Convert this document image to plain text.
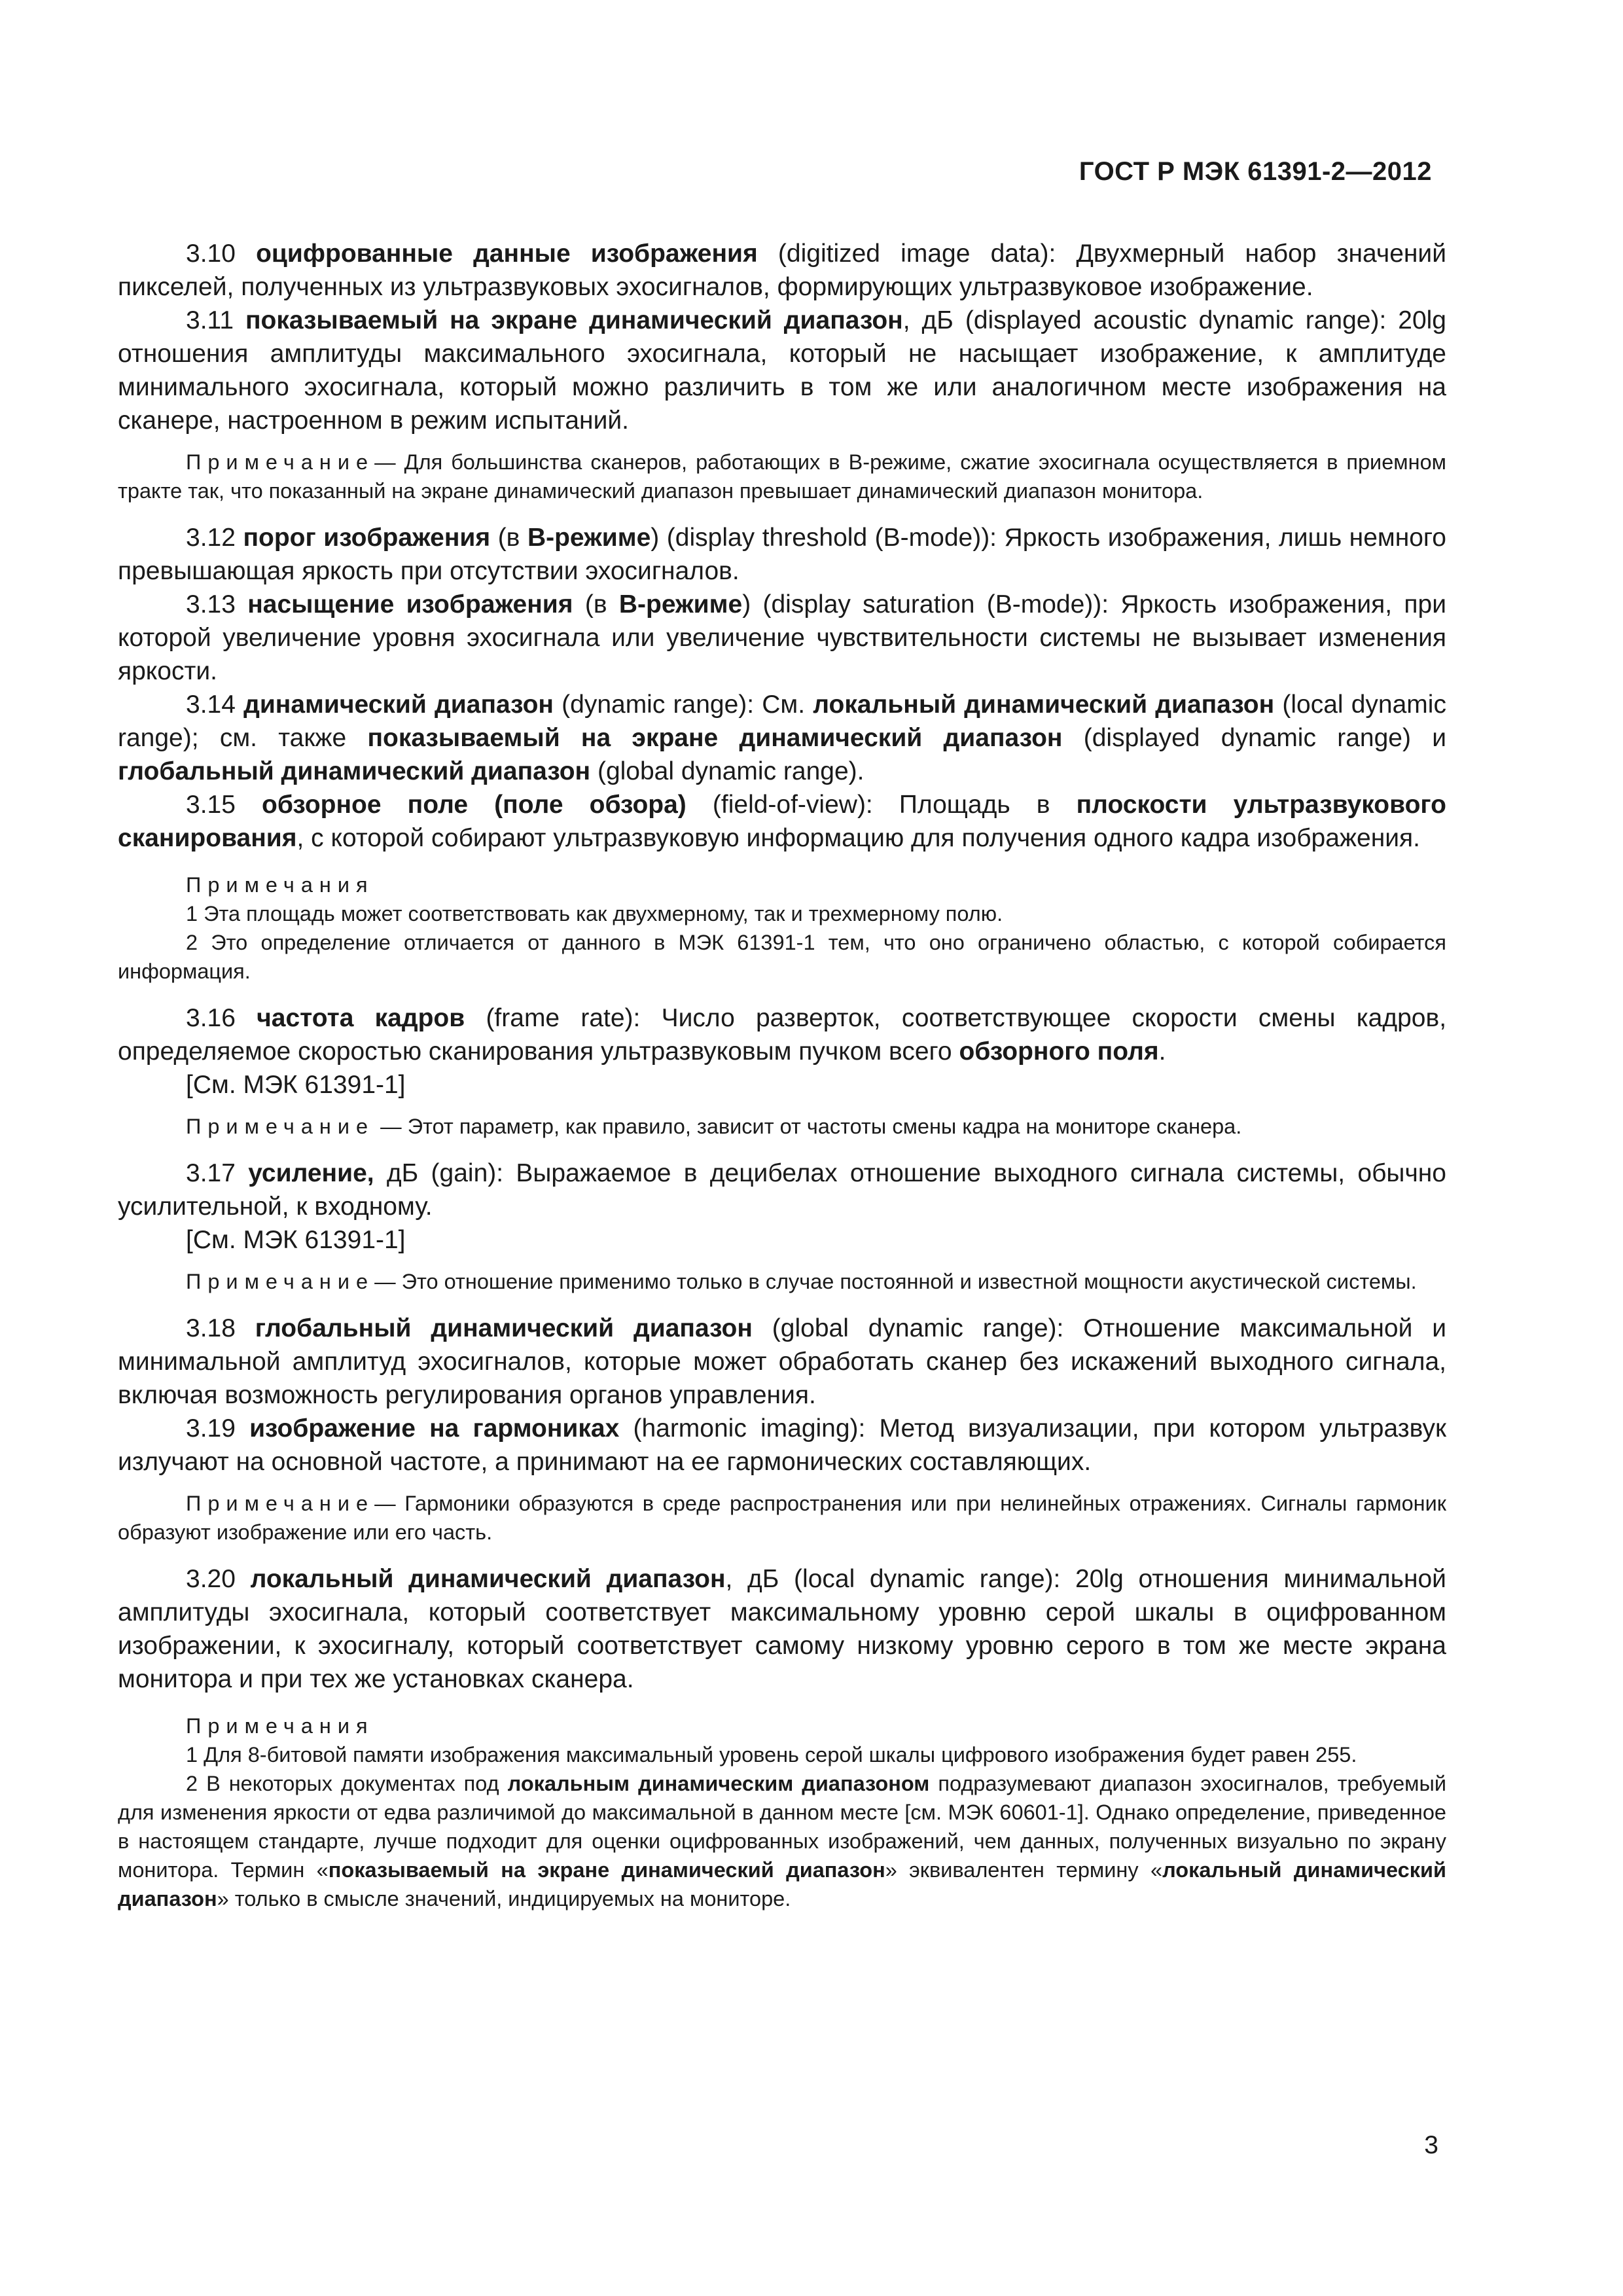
ГОСТ Р МЭК 61391-2—2012

3.10 оцифрованные данные изображения (digitized image data): Двухмерный набор значений пикселей, полученных из ультразвуковых эхосигналов, формирующих ультразвуковое изображение.

3.11 показываемый на экране динамический диапазон, дБ (displayed acoustic dynamic range): 20lg отношения амплитуды максимального эхосигнала, который не насыщает изображение, к амплитуде минимального эхосигнала, который можно различить в том же или аналогичном месте изображения на сканере, настроенном в режим испытаний.

Примечание— Для большинства сканеров, работающих в В-режиме, сжатие эхосигнала осуществляется в приемном тракте так, что показанный на экране динамический диапазон превышает динамический диапазон монитора.

3.12 порог изображения (в В-режиме) (display threshold (B-mode)): Яркость изображения, лишь немного превышающая яркость при отсутствии эхосигналов.

3.13 насыщение изображения (в В-режиме) (display saturation (B-mode)): Яркость изображения, при которой увеличение уровня эхосигнала или увеличение чувствительности системы не вызывает изменения яркости.

3.14 динамический диапазон (dynamic range): См. локальный динамический диапазон (local dynamic range); см. также показываемый на экране динамический диапазон (displayed dynamic range) и глобальный динамический диапазон (global dynamic range).

3.15 обзорное поле (поле обзора) (field-of-view): Площадь в плоскости ультразвукового сканирования, с которой собирают ультразвуковую информацию для получения одного кадра изображения.

Примечания

1 Эта площадь может соответствовать как двухмерному, так и трехмерному полю.

2 Это определение отличается от данного в МЭК 61391-1 тем, что оно ограничено областью, с которой собирается информация.

3.16 частота кадров (frame rate): Число разверток, соответствующее скорости смены кадров, определяемое скоростью сканирования ультразвуковым пучком всего обзорного поля.

[См. МЭК 61391-1]

Примечание — Этот параметр, как правило, зависит от частоты смены кадра на мониторе сканера.

3.17 усиление, дБ (gain): Выражаемое в децибелах отношение выходного сигнала системы, обычно усилительной, к входному.

[См. МЭК 61391-1]

Примечание— Это отношение применимо только в случае постоянной и известной мощности акустической системы.

3.18 глобальный динамический диапазон (global dynamic range): Отношение максимальной и минимальной амплитуд эхосигналов, которые может обработать сканер без искажений выходного сигнала, включая возможность регулирования органов управления.

3.19 изображение на гармониках (harmonic imaging): Метод визуализации, при котором ультразвук излучают на основной частоте, а принимают на ее гармонических составляющих.

Примечание— Гармоники образуются в среде распространения или при нелинейных отражениях. Сигналы гармоник образуют изображение или его часть.

3.20 локальный динамический диапазон, дБ (local dynamic range): 20lg отношения минимальной амплитуды эхосигнала, который соответствует максимальному уровню серой шкалы в оцифрованном изображении, к эхосигналу, который соответствует самому низкому уровню серого в том же месте экрана монитора и при тех же установках сканера.

Примечания

1 Для 8-битовой памяти изображения максимальный уровень серой шкалы цифрового изображения будет равен 255.

2 В некоторых документах под локальным динамическим диапазоном подразумевают диапазон эхосигналов, требуемый для изменения яркости от едва различимой до максимальной в данном месте [см. МЭК 60601-1]. Однако определение, приведенное в настоящем стандарте, лучше подходит для оценки оцифрованных изображений, чем данных, полученных визуально по экрану монитора. Термин «показываемый на экране динамический диапазон» эквивалентен термину «локальный динамический диапазон» только в смысле значений, индицируемых на мониторе.

3
